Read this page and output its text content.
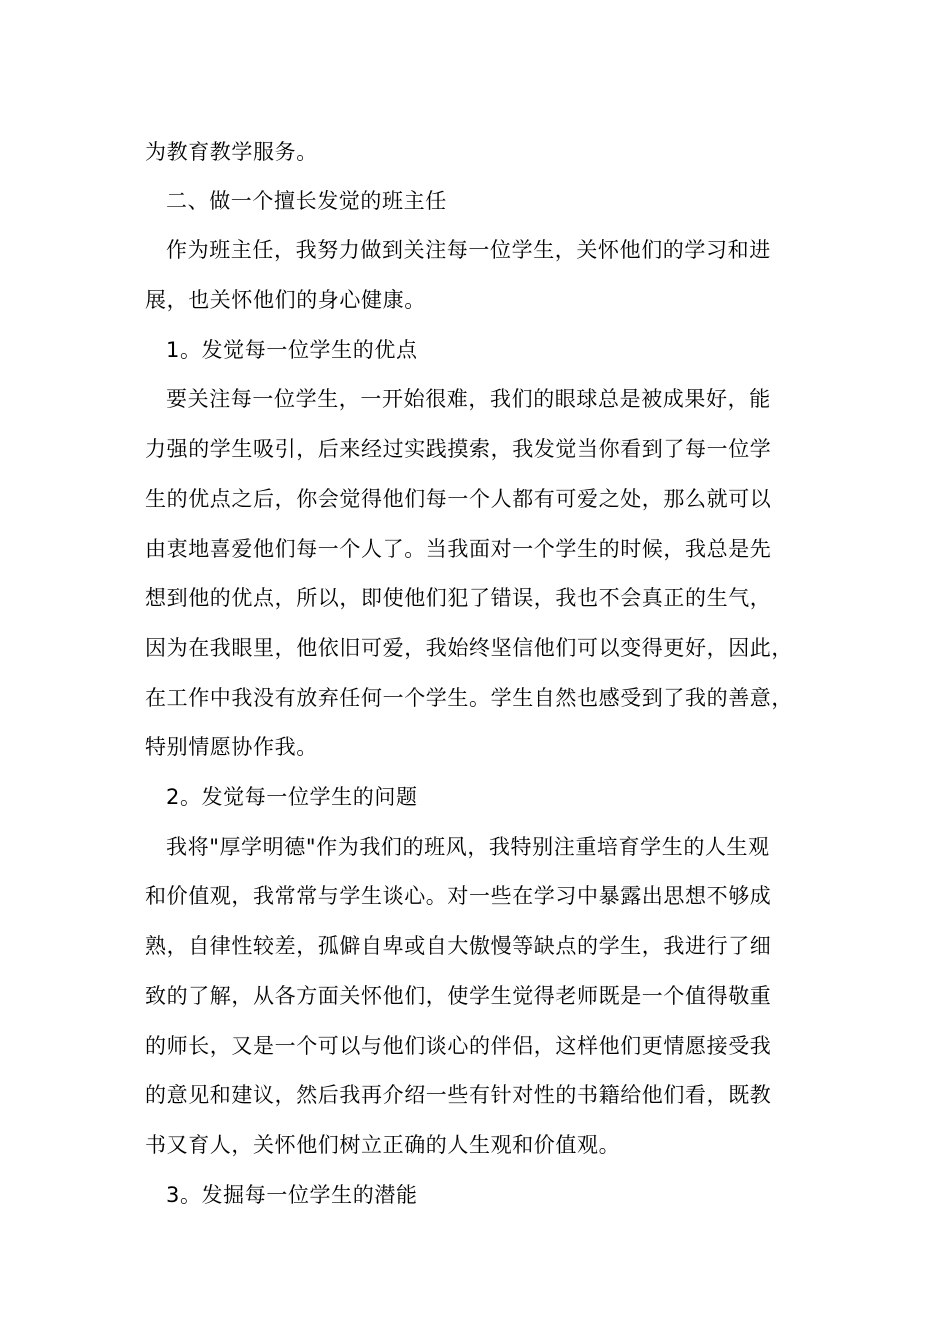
为教育教学服务。
二、做一个擅长发觉的班主任
作为班主任，我努力做到关注每一位学生，关怀他们的学习和进
展，也关怀他们的身心健康。
1。发觉每一位学生的优点
要关注每一位学生，一开始很难，我们的眼球总是被成果好，能
力强的学生吸引，后来经过实践摸索，我发觉当你看到了每一位学
生的优点之后，你会觉得他们每一个人都有可爱之处，那么就可以
由衷地喜爱他们每一个人了。当我面对一个学生的时候，我总是先
想到他的优点，所以，即使他们犯了错误，我也不会真正的生气，
因为在我眼里，他依旧可爱，我始终坚信他们可以变得更好，因此，
在工作中我没有放弃任何一个学生。学生自然也感受到了我的善意，
特别情愿协作我。
2。发觉每一位学生的问题
我将"厚学明德"作为我们的班风，我特别注重培育学生的人生观
和价值观，我常常与学生谈心。对一些在学习中暴露出思想不够成
熟，自律性较差，孤僻自卑或自大傲慢等缺点的学生，我进行了细
致的了解，从各方面关怀他们，使学生觉得老师既是一个值得敬重
的师长，又是一个可以与他们谈心的伴侣，这样他们更情愿接受我
的意见和建议，然后我再介绍一些有针对性的书籍给他们看，既教
书又育人，关怀他们树立正确的人生观和价值观。
3。发掘每一位学生的潜能
